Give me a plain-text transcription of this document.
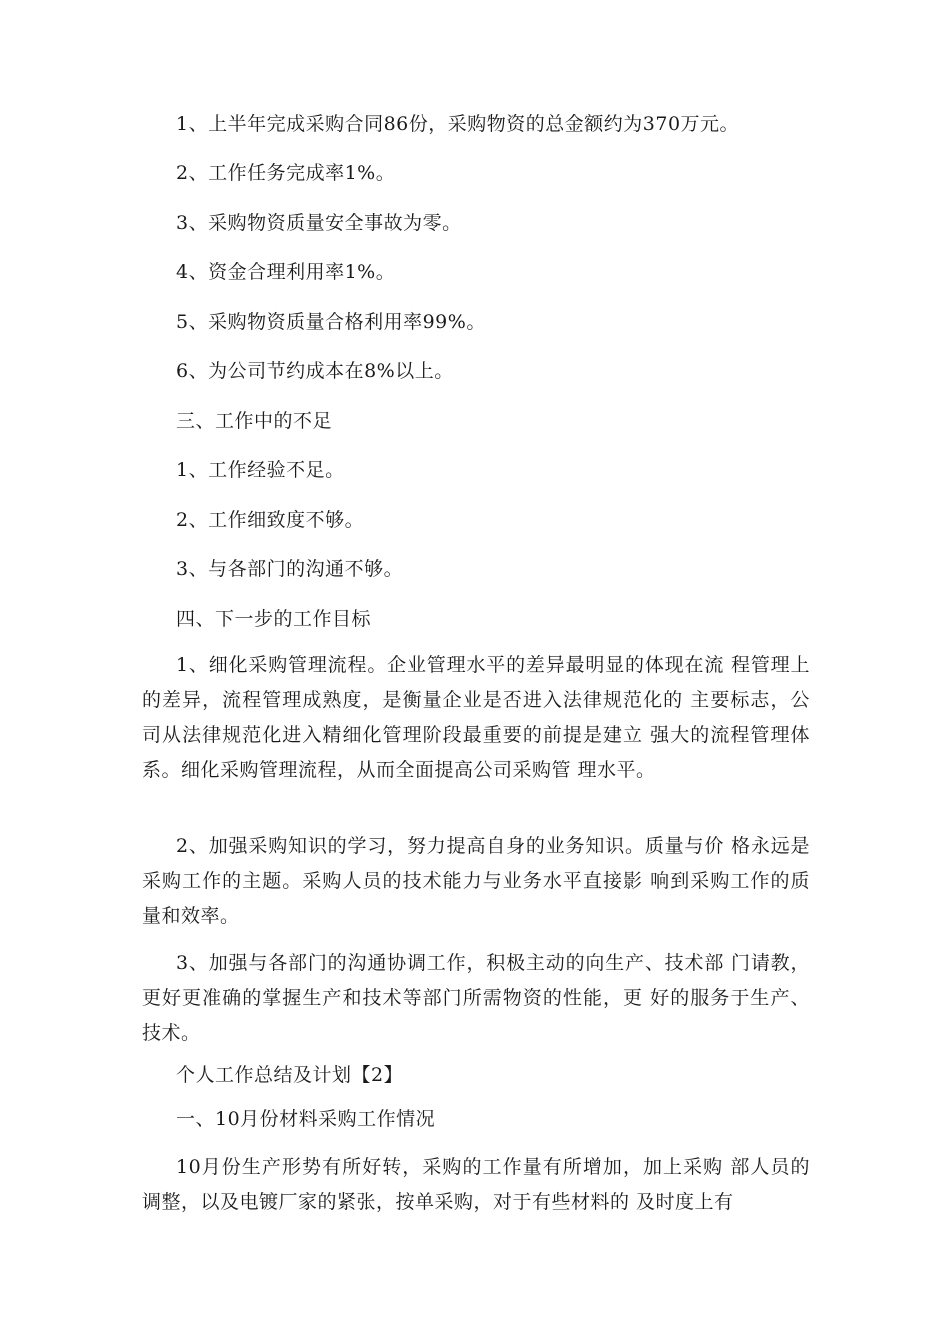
1、上半年完成采购合同86份，采购物资的总金额约为370万元。
2、工作任务完成率1%。
3、采购物资质量安全事故为零。
4、资金合理利用率1%。
5、采购物资质量合格利用率99%。
6、为公司节约成本在8%以上。
三、工作中的不足
1、工作经验不足。
2、工作细致度不够。
3、与各部门的沟通不够。
四、下一步的工作目标
1、细化采购管理流程。企业管理水平的差异最明显的体现在流 程管理上的差异，流程管理成熟度，是衡量企业是否进入法律规范化的 主要标志，公司从法律规范化进入精细化管理阶段最重要的前提是建立 强大的流程管理体系。细化采购管理流程，从而全面提高公司采购管 理水平。
2、加强采购知识的学习，努力提高自身的业务知识。质量与价 格永远是采购工作的主题。采购人员的技术能力与业务水平直接影 响到采购工作的质量和效率。
3、加强与各部门的沟通协调工作，积极主动的向生产、技术部 门请教，更好更准确的掌握生产和技术等部门所需物资的性能，更 好的服务于生产、技术。
个人工作总结及计划【2】
一、10月份材料采购工作情况
10月份生产形势有所好转，采购的工作量有所增加，加上采购 部人员的调整，以及电镀厂家的紧张，按单采购，对于有些材料的 及时度上有
